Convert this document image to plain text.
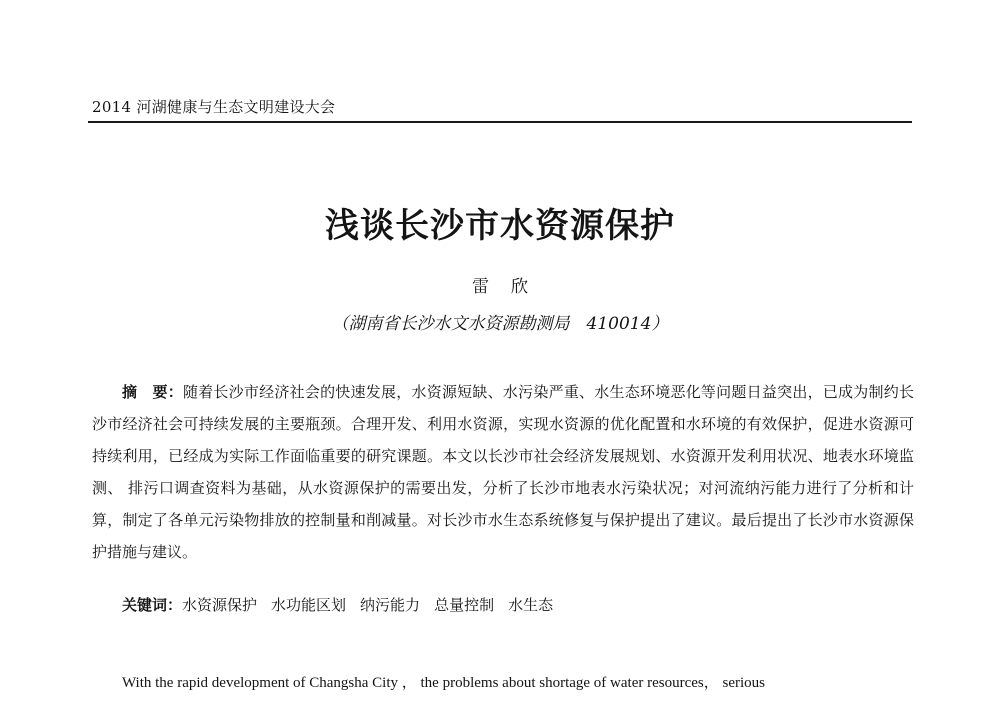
2014 河湖健康与生态文明建设大会
浅谈长沙市水资源保护
雷欣
（湖南省长沙水文水资源勘测局　410014）
摘　要：随着长沙市经济社会的快速发展，水资源短缺、水污染严重、水生态环境恶化等问题日益突出，已成为制约长沙市经济社会可持续发展的主要瓶颈。合理开发、利用水资源，实现水资源的优化配置和水环境的有效保护，促进水资源可持续利用，已经成为实际工作面临重要的研究课题。本文以长沙市社会经济发展规划、水资源开发利用状况、地表水环境监测、 排污口调查资料为基础，从水资源保护的需要出发，分析了长沙市地表水污染状况；对河流纳污能力进行了分析和计算，制定了各单元污染物排放的控制量和削减量。对长沙市水生态系统修复与保护提出了建议。最后提出了长沙市水资源保护措施与建议。
关键词：水资源保护 水功能区划 纳污能力 总量控制 水生态
With the rapid development of Changsha City ， the problems about shortage of water resources， serious
